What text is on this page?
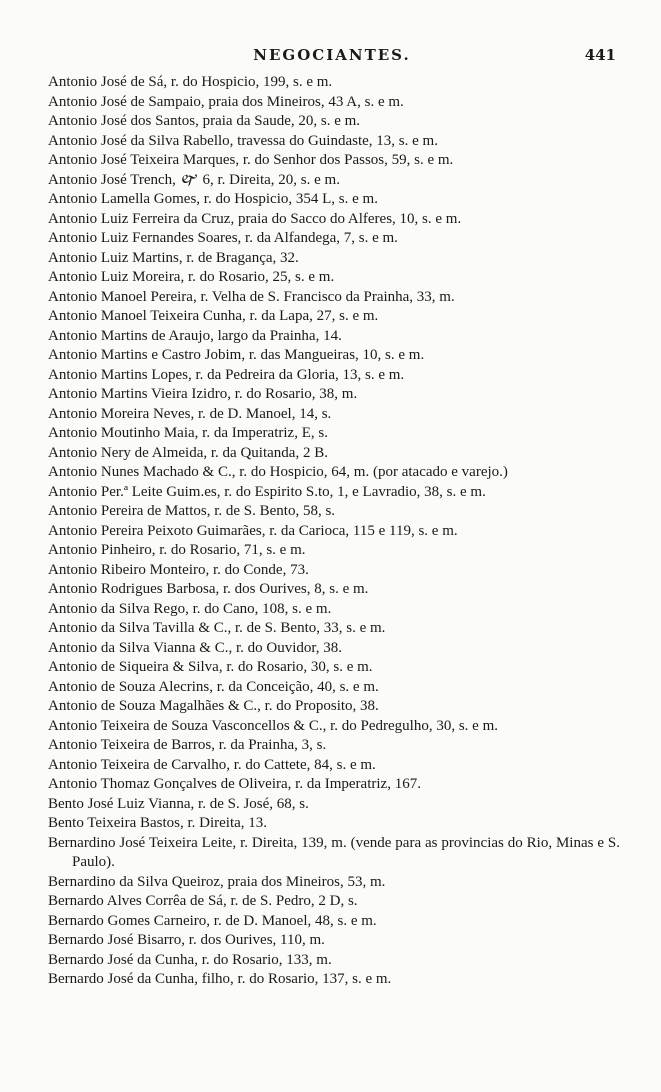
NEGOCIANTES.	441
Antonio José de Sá, r. do Hospicio, 199, s. e m.
Antonio José de Sampaio, praia dos Mineiros, 43 A, s. e m.
Antonio José dos Santos, praia da Saude, 20, s. e m.
Antonio José da Silva Rabello, travessa do Guindaste, 13, s. e m.
Antonio José Teixeira Marques, r. do Senhor dos Passos, 59, s. e m.
Antonio José Trench, 🙰 6, r. Direita, 20, s. e m.
Antonio Lamella Gomes, r. do Hospicio, 354 L, s. e m.
Antonio Luiz Ferreira da Cruz, praia do Sacco do Alferes, 10, s. e m.
Antonio Luiz Fernandes Soares, r. da Alfandega, 7, s. e m.
Antonio Luiz Martins, r. de Bragança, 32.
Antonio Luiz Moreira, r. do Rosario, 25, s. e m.
Antonio Manoel Pereira, r. Velha de S. Francisco da Prainha, 33, m.
Antonio Manoel Teixeira Cunha, r. da Lapa, 27, s. e m.
Antonio Martins de Araujo, largo da Prainha, 14.
Antonio Martins e Castro Jobim, r. das Mangueiras, 10, s. e m.
Antonio Martins Lopes, r. da Pedreira da Gloria, 13, s. e m.
Antonio Martins Vieira Izidro, r. do Rosario, 38, m.
Antonio Moreira Neves, r. de D. Manoel, 14, s.
Antonio Moutinho Maia, r. da Imperatriz, E, s.
Antonio Nery de Almeida, r. da Quitanda, 2 B.
Antonio Nunes Machado & C., r. do Hospicio, 64, m. (por atacado e varejo.)
Antonio Per.ª Leite Guim.es, r. do Espirito S.to, 1, e Lavradio, 38, s. e m.
Antonio Pereira de Mattos, r. de S. Bento, 58, s.
Antonio Pereira Peixoto Guimarães, r. da Carioca, 115 e 119, s. e m.
Antonio Pinheiro, r. do Rosario, 71, s. e m.
Antonio Ribeiro Monteiro, r. do Conde, 73.
Antonio Rodrigues Barbosa, r. dos Ourives, 8, s. e m.
Antonio da Silva Rego, r. do Cano, 108, s. e m.
Antonio da Silva Tavilla & C., r. de S. Bento, 33, s. e m.
Antonio da Silva Vianna & C., r. do Ouvidor, 38.
Antonio de Siqueira & Silva, r. do Rosario, 30, s. e m.
Antonio de Souza Alecrins, r. da Conceição, 40, s. e m.
Antonio de Souza Magalhães & C., r. do Proposito, 38.
Antonio Teixeira de Souza Vasconcellos & C., r. do Pedregulho, 30, s. e m.
Antonio Teixeira de Barros, r. da Prainha, 3, s.
Antonio Teixeira de Carvalho, r. do Cattete, 84, s. e m.
Antonio Thomaz Gonçalves de Oliveira, r. da Imperatriz, 167.
Bento José Luiz Vianna, r. de S. José, 68, s.
Bento Teixeira Bastos, r. Direita, 13.
Bernardino José Teixeira Leite, r. Direita, 139, m. (vende para as provincias do Rio, Minas e S. Paulo).
Bernardino da Silva Queiroz, praia dos Mineiros, 53, m.
Bernardo Alves Corrêa de Sá, r. de S. Pedro, 2 D, s.
Bernardo Gomes Carneiro, r. de D. Manoel, 48, s. e m.
Bernardo José Bisarro, r. dos Ourives, 110, m.
Bernardo José da Cunha, r. do Rosario, 133, m.
Bernardo José da Cunha, filho, r. do Rosario, 137, s. e m.
